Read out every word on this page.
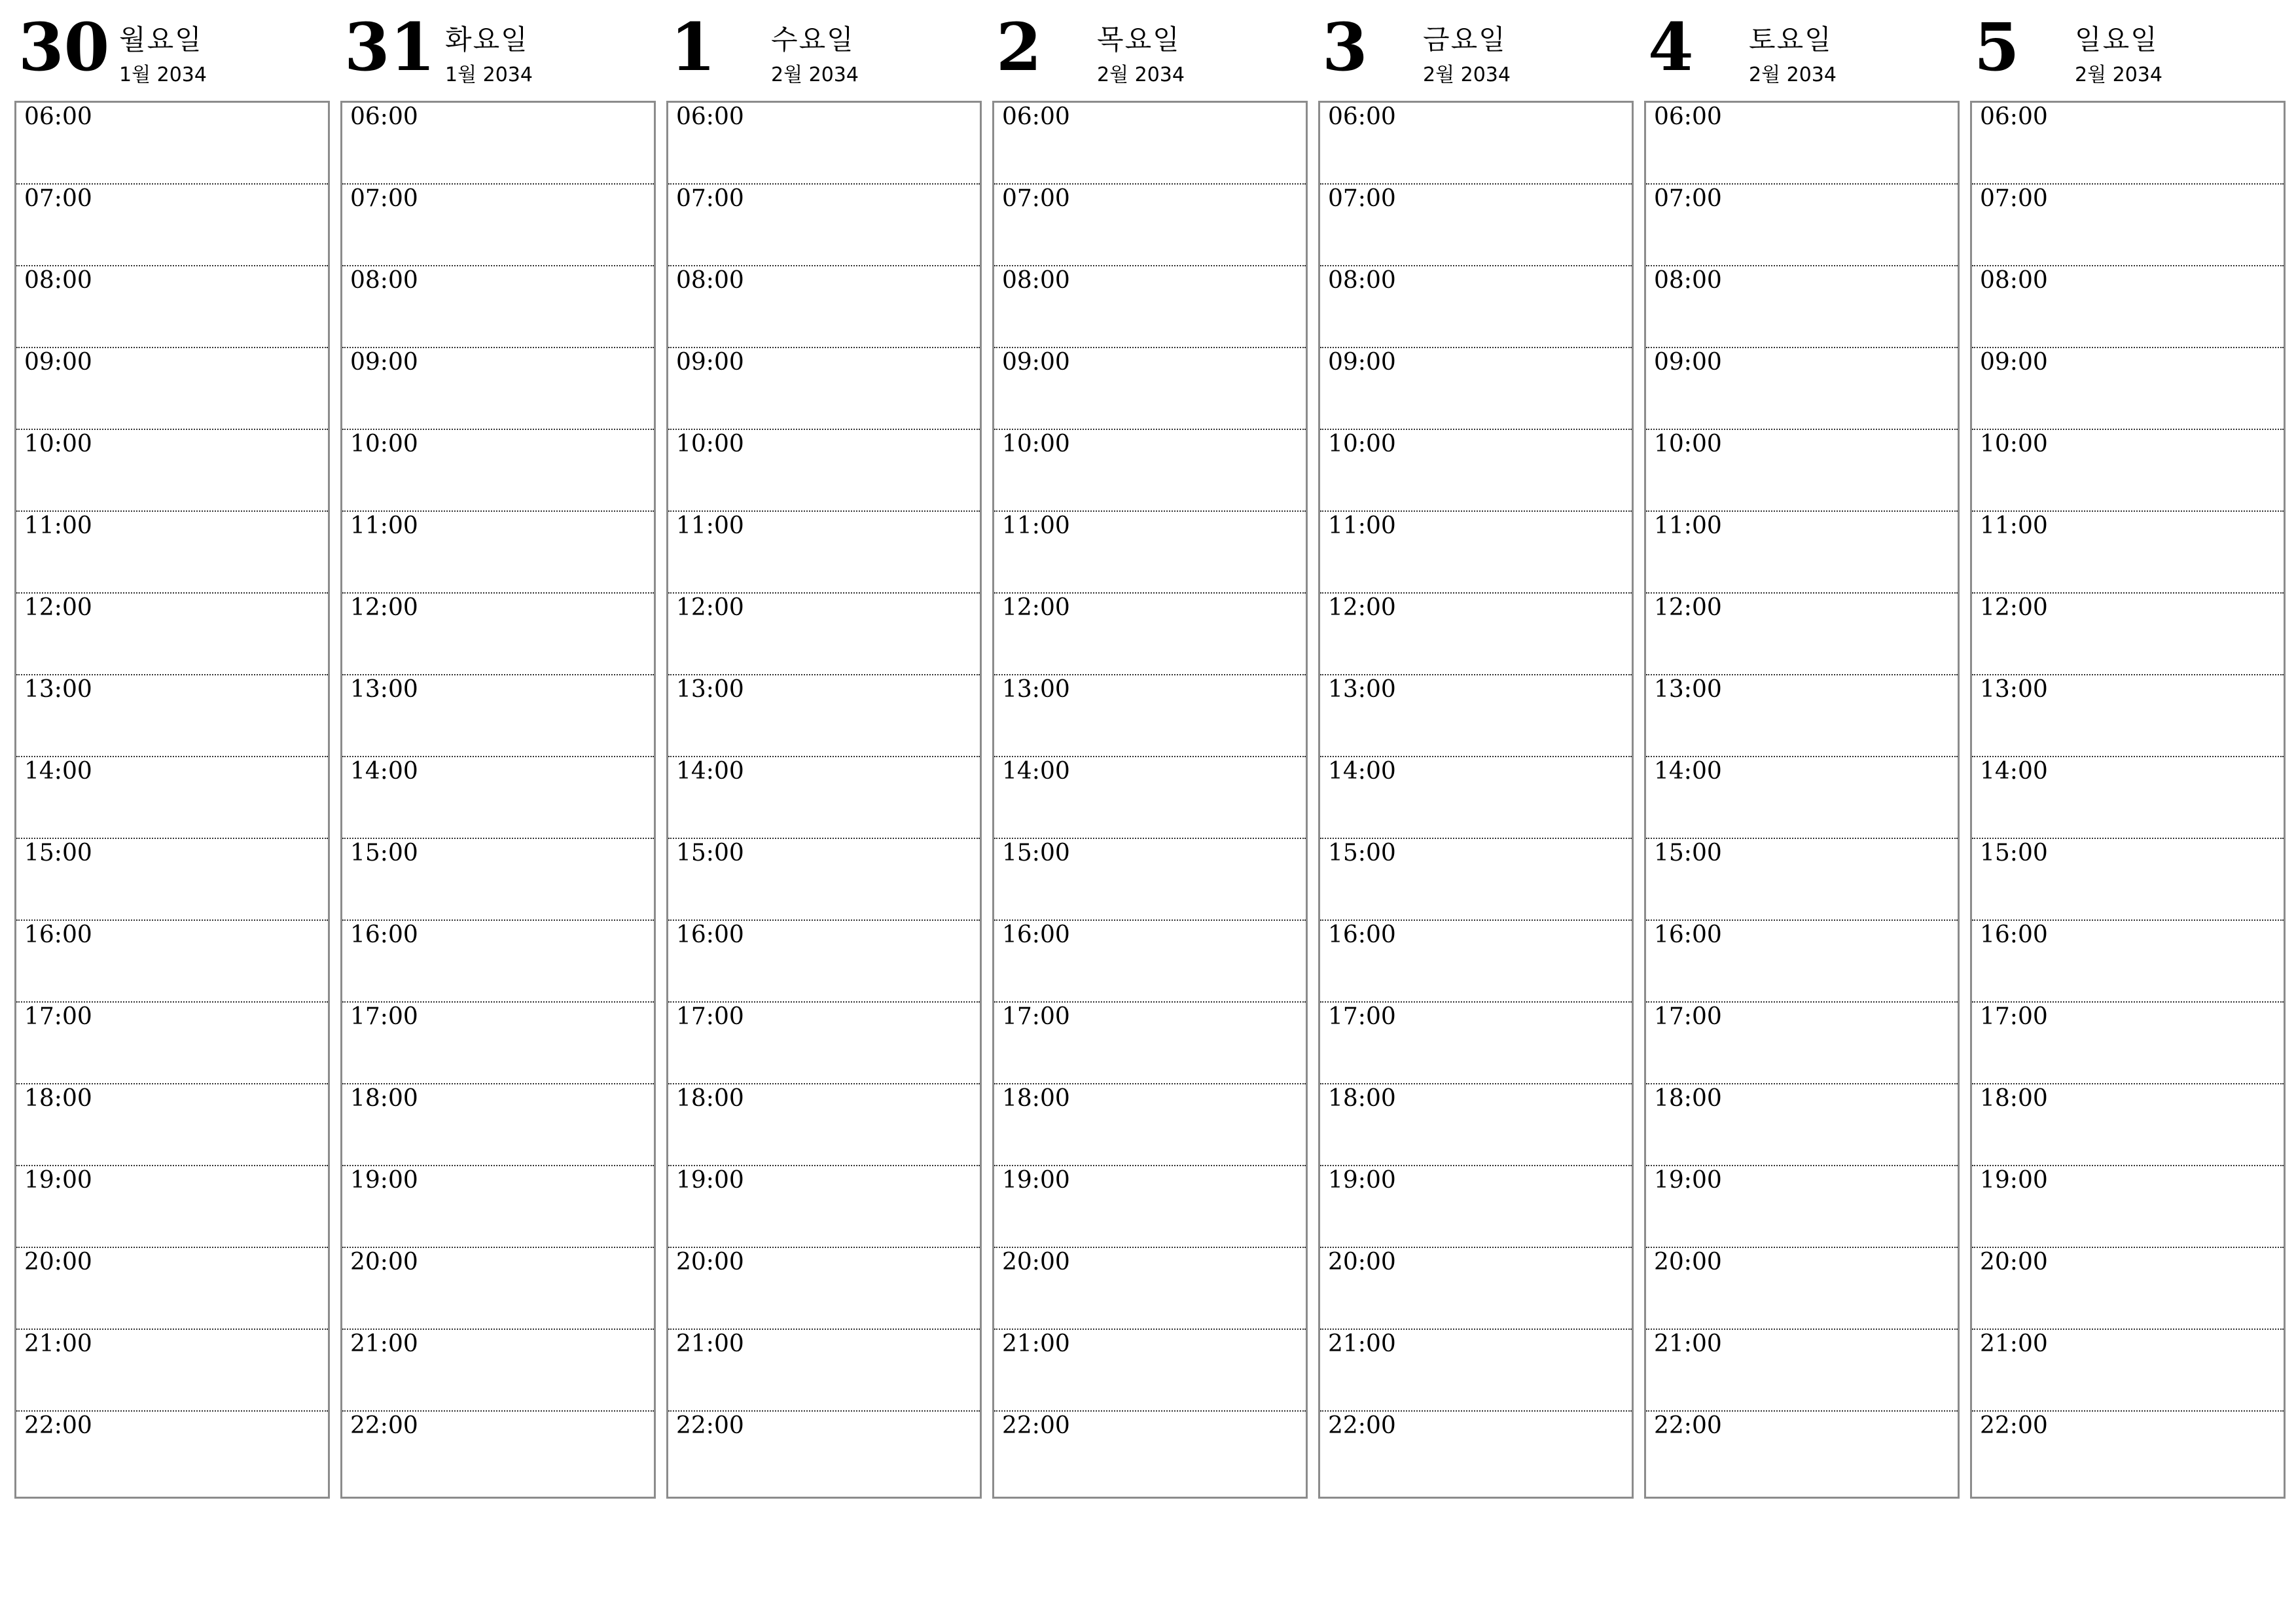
30 월요일
1월 2034
06:00
07:00
08:00
09:00
10:00
11:00
12:00
13:00
14:00
15:00
16:00
17:00
18:00
19:00
20:00
21:00
22:00
31 화요일
1월 2034
06:00
07:00
08:00
09:00
10:00
11:00
12:00
13:00
14:00
15:00
16:00
17:00
18:00
19:00
20:00
21:00
22:00
1 수요일
2월 2034
06:00
07:00
08:00
09:00
10:00
11:00
12:00
13:00
14:00
15:00
16:00
17:00
18:00
19:00
20:00
21:00
22:00
2 목요일
2월 2034
06:00
07:00
08:00
09:00
10:00
11:00
12:00
13:00
14:00
15:00
16:00
17:00
18:00
19:00
20:00
21:00
22:00
3 금요일
2월 2034
06:00
07:00
08:00
09:00
10:00
11:00
12:00
13:00
14:00
15:00
16:00
17:00
18:00
19:00
20:00
21:00
22:00
4 토요일
2월 2034
06:00
07:00
08:00
09:00
10:00
11:00
12:00
13:00
14:00
15:00
16:00
17:00
18:00
19:00
20:00
21:00
22:00
5 일요일
2월 2034
06:00
07:00
08:00
09:00
10:00
11:00
12:00
13:00
14:00
15:00
16:00
17:00
18:00
19:00
20:00
21:00
22:00
